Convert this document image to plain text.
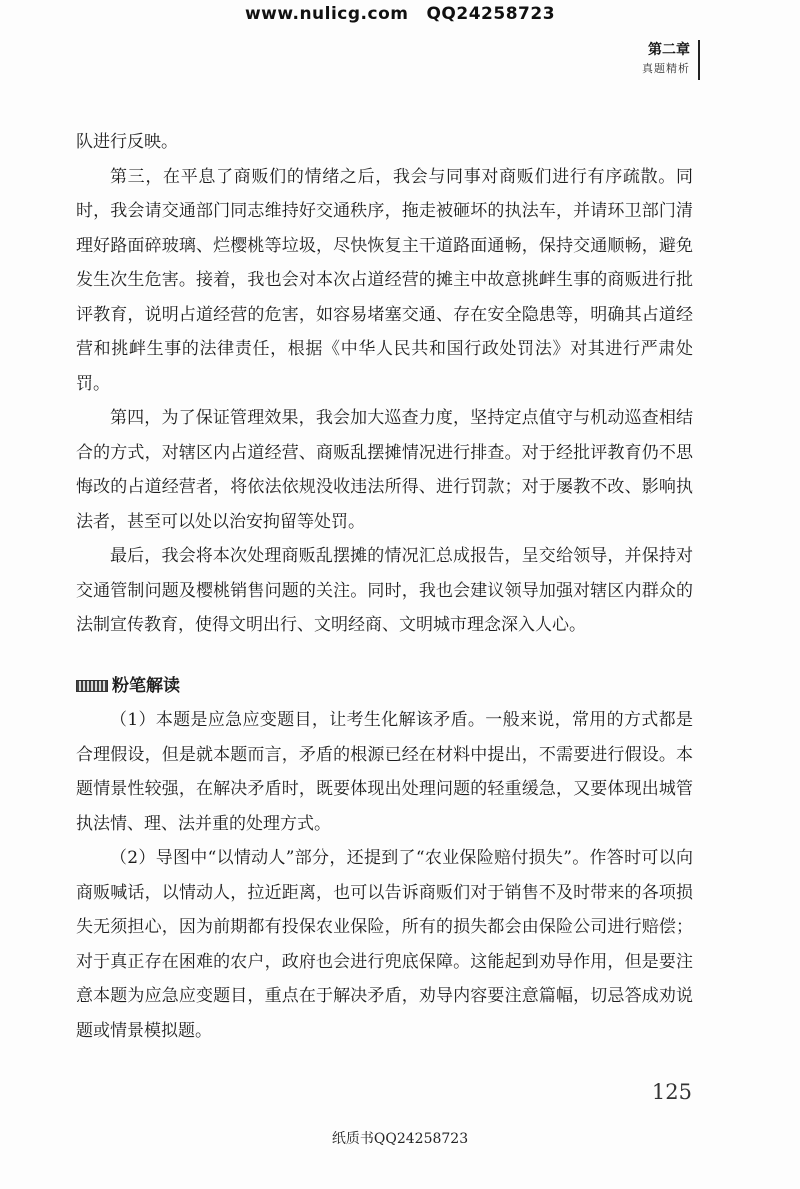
www.nulicg.com QQ24258723
第二章
真题精析

队进行反映。

第三，在平息了商贩们的情绪之后，我会与同事对商贩们进行有序疏散。同时，我会请交通部门同志维持好交通秩序，拖走被砸坏的执法车，并请环卫部门清理好路面碎玻璃、烂樱桃等垃圾，尽快恢复主干道路面通畅，保持交通顺畅，避免发生次生危害。接着，我也会对本次占道经营的摊主中故意挑衅生事的商贩进行批评教育，说明占道经营的危害，如容易堵塞交通、存在安全隐患等，明确其占道经营和挑衅生事的法律责任，根据《中华人民共和国行政处罚法》对其进行严肃处罚。

第四，为了保证管理效果，我会加大巡查力度，坚持定点值守与机动巡查相结合的方式，对辖区内占道经营、商贩乱摆摊情况进行排查。对于经批评教育仍不思悔改的占道经营者，将依法依规没收违法所得、进行罚款；对于屡教不改、影响执法者，甚至可以处以治安拘留等处罚。

最后，我会将本次处理商贩乱摆摊的情况汇总成报告，呈交给领导，并保持对交通管制问题及樱桃销售问题的关注。同时，我也会建议领导加强对辖区内群众的法制宣传教育，使得文明出行、文明经商、文明城市理念深入人心。

粉笔解读

（1）本题是应急应变题目，让考生化解该矛盾。一般来说，常用的方式都是合理假设，但是就本题而言，矛盾的根源已经在材料中提出，不需要进行假设。本题情景性较强，在解决矛盾时，既要体现出处理问题的轻重缓急，又要体现出城管执法情、理、法并重的处理方式。

（2）导图中“以情动人”部分，还提到了“农业保险赔付损失”。作答时可以向商贩喊话，以情动人，拉近距离，也可以告诉商贩们对于销售不及时带来的各项损失无须担心，因为前期都有投保农业保险，所有的损失都会由保险公司进行赔偿；对于真正存在困难的农户，政府也会进行兜底保障。这能起到劝导作用，但是要注意本题为应急应变题目，重点在于解决矛盾，劝导内容要注意篇幅，切忌答成劝说题或情景模拟题。

125
纸质书QQ24258723
